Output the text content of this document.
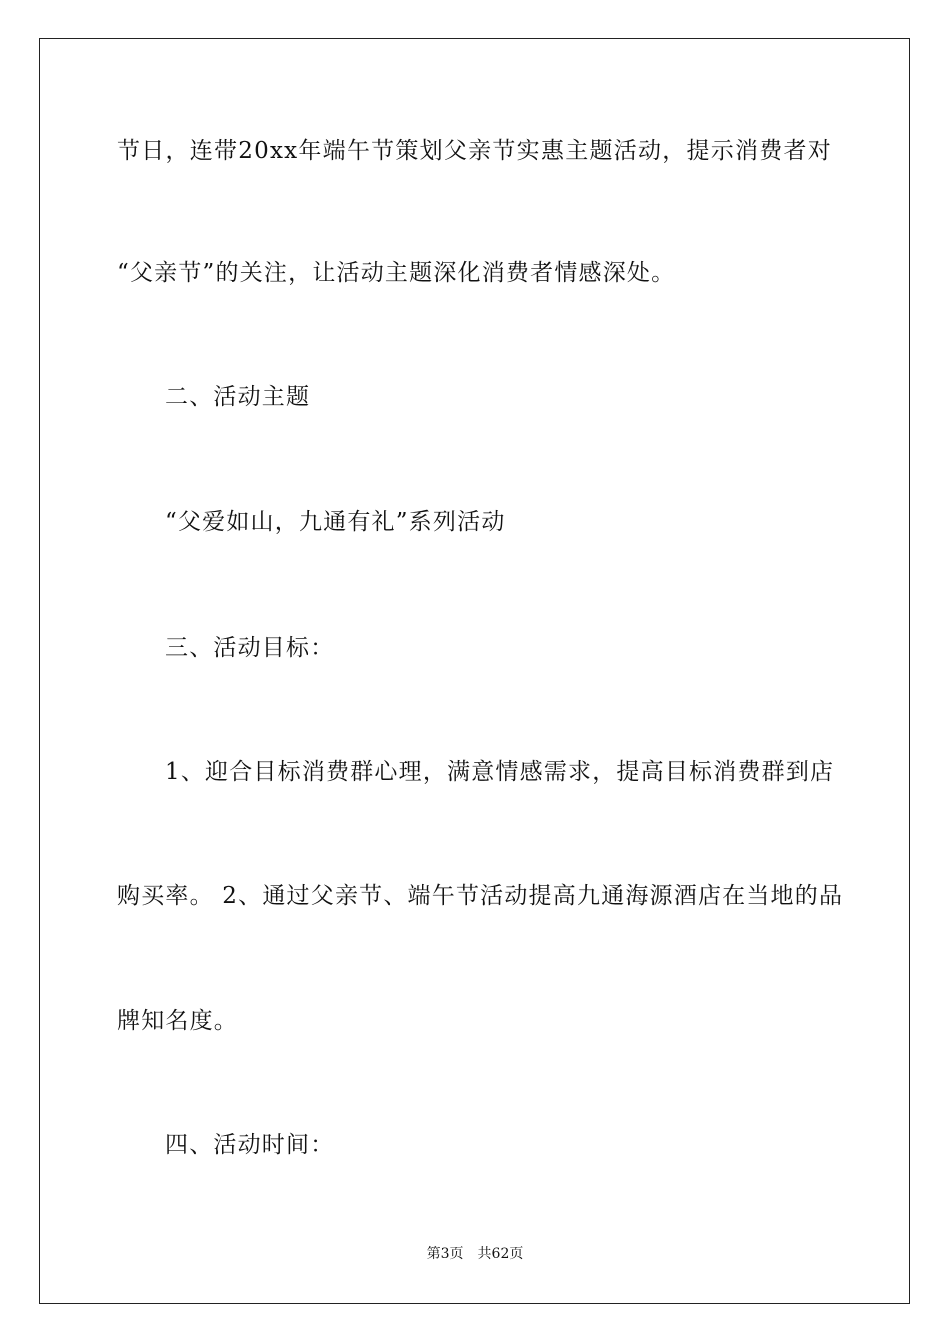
节日，连带20xx年端午节策划父亲节实惠主题活动，提示消费者对
“父亲节”的关注，让活动主题深化消费者情感深处。
二、活动主题
“父爱如山，九通有礼”系列活动
三、活动目标：
1、迎合目标消费群心理，满意情感需求，提高目标消费群到店
购买率。 2、通过父亲节、端午节活动提高九通海源酒店在当地的品
牌知名度。
四、活动时间：
第3页 共62页
